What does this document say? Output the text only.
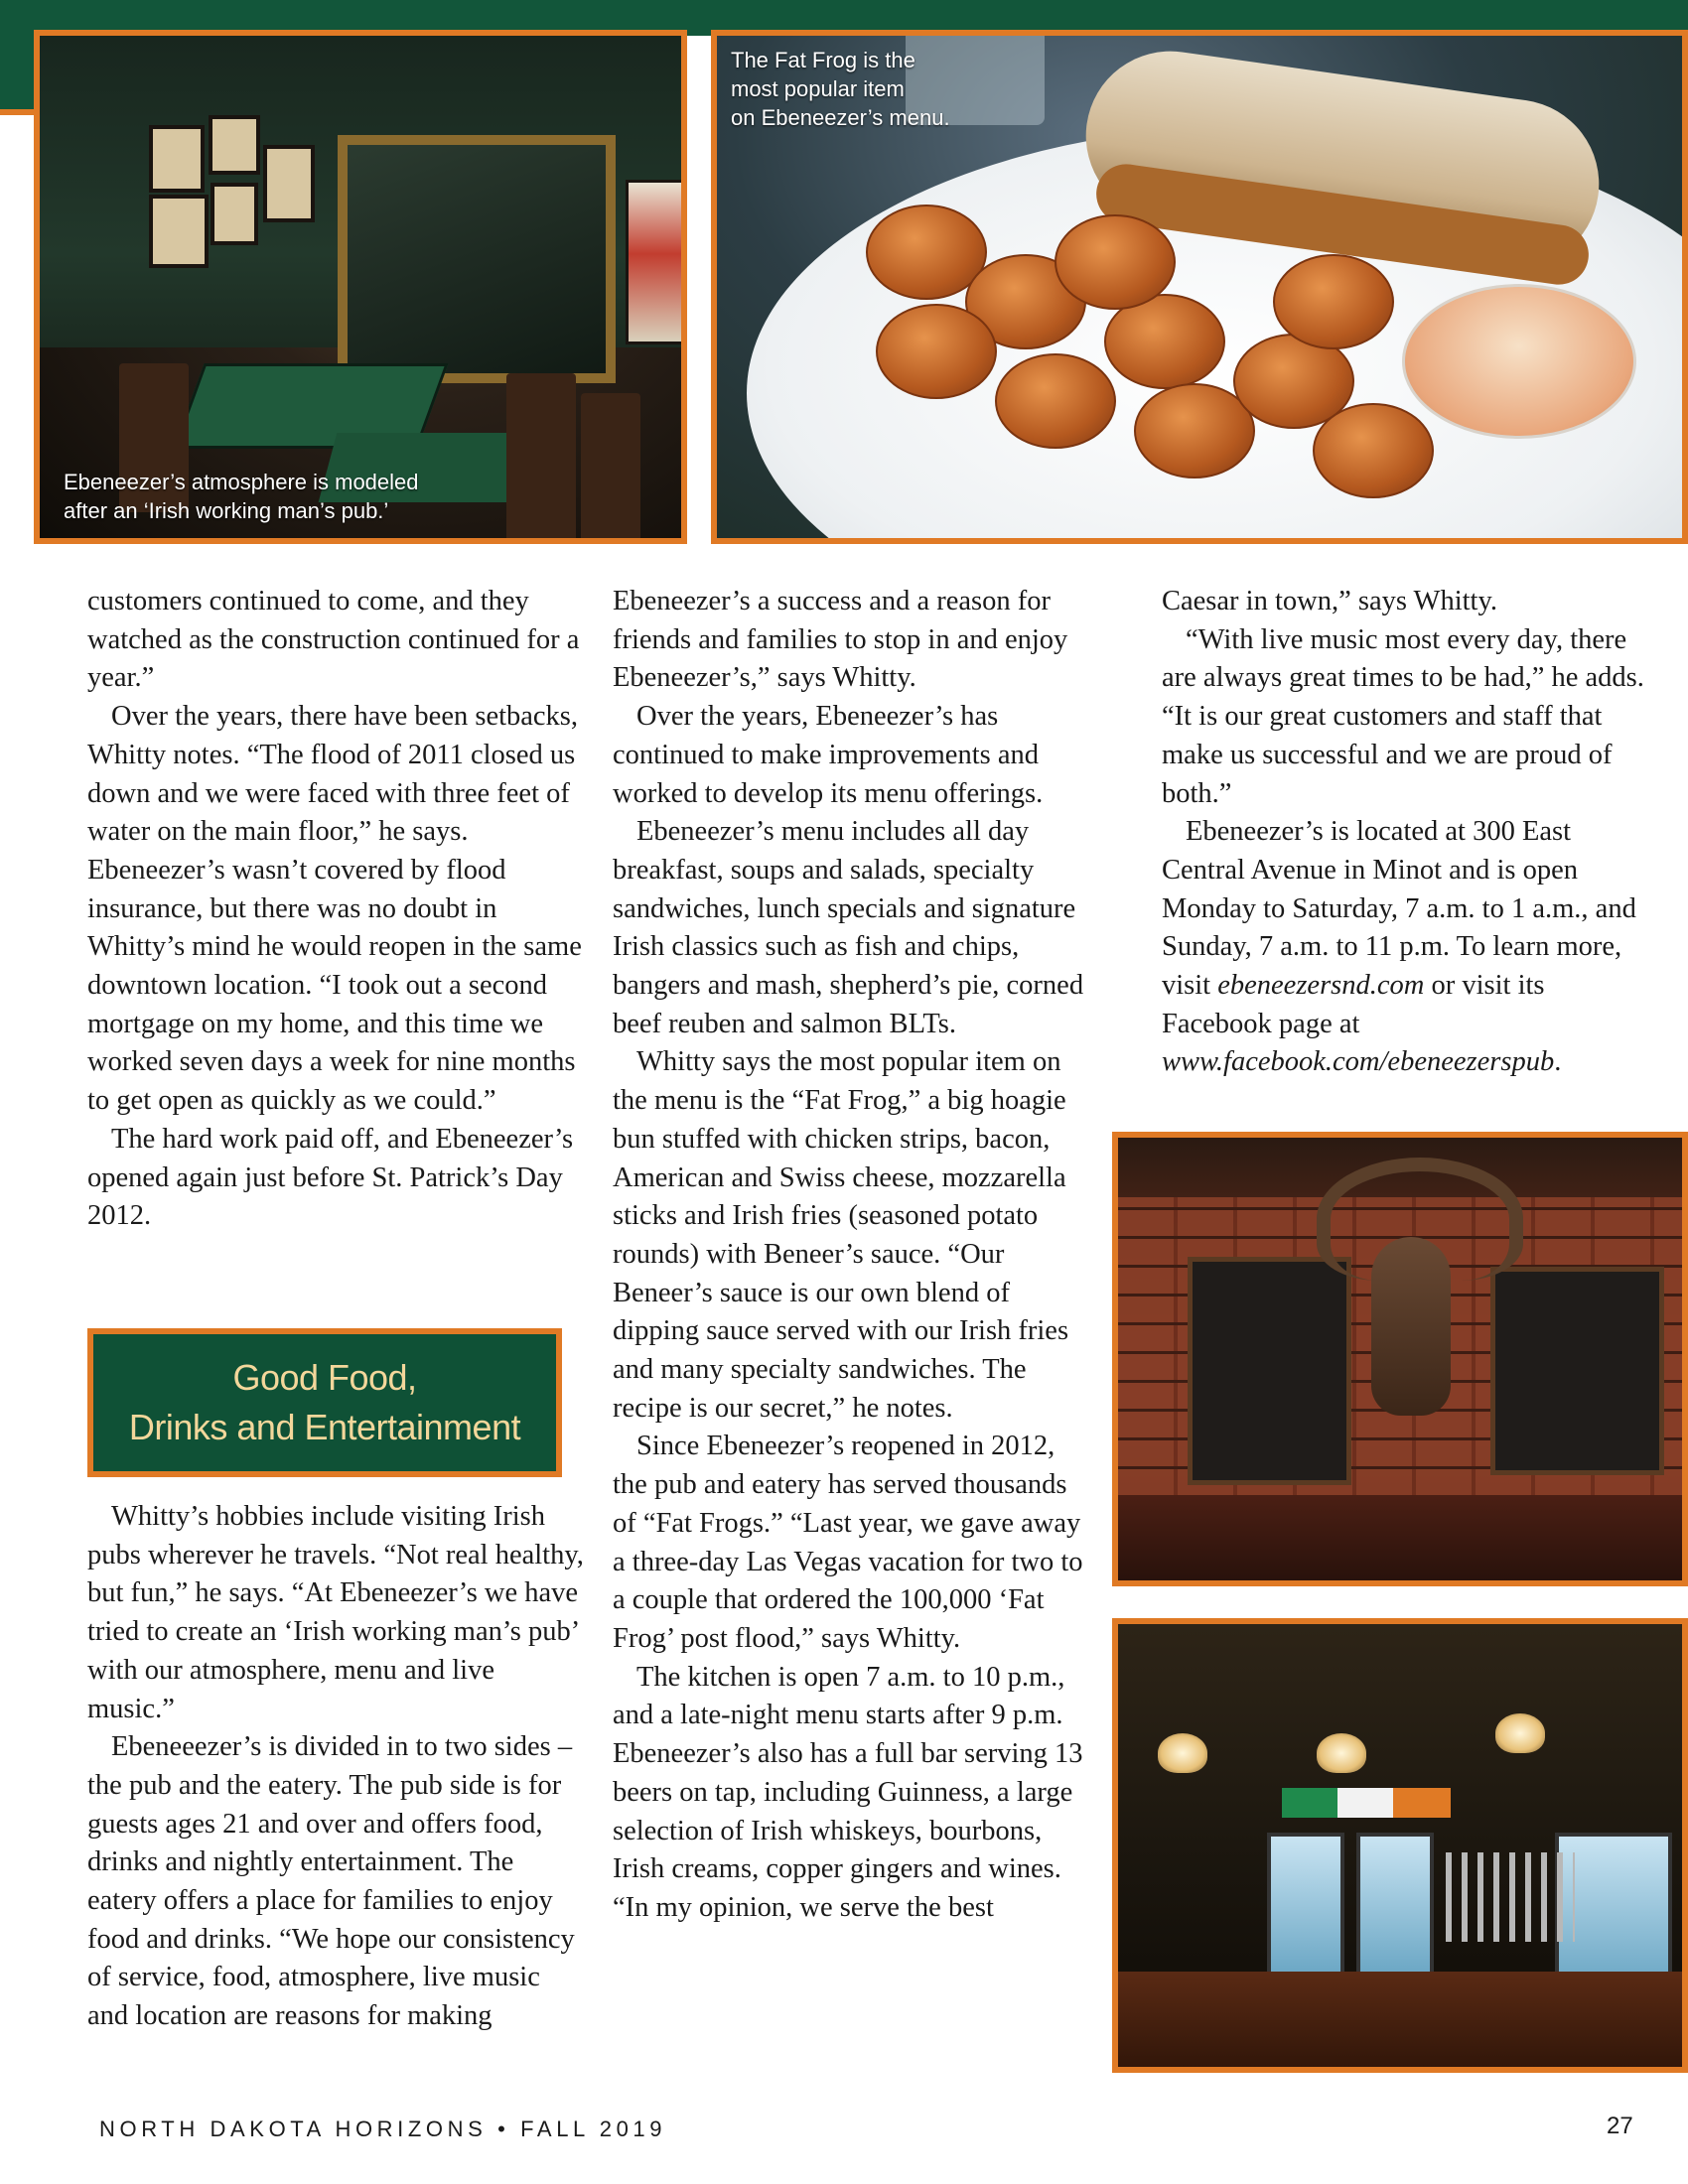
Ebeneezer’s atmosphere is modeled
after an ‘Irish working man’s pub.’
The Fat Frog is the
most popular item
on Ebeneezer’s menu.

customers continued to come, and they watched as the construction continued for a year.”

Over the years, there have been setbacks, Whitty notes. “The flood of 2011 closed us down and we were faced with three feet of water on the main floor,” he says. Ebeneezer’s wasn’t covered by flood insurance, but there was no doubt in Whitty’s mind he would reopen in the same downtown location. “I took out a second mortgage on my home, and this time we worked seven days a week for nine months to get open as quickly as we could.”

The hard work paid off, and Ebeneezer’s opened again just before St. Patrick’s Day 2012.

Good Food,
Drinks and Entertainment

Whitty’s hobbies include visiting Irish pubs wherever he travels. “Not real healthy, but fun,” he says. “At Ebeneezer’s we have tried to create an ‘Irish working man’s pub’ with our atmosphere, menu and live music.”

Ebeneeezer’s is divided in to two sides – the pub and the eatery. The pub side is for guests ages 21 and over and offers food, drinks and nightly entertainment. The eatery offers a place for families to enjoy food and drinks. “We hope our consistency of service, food, atmosphere, live music and location are reasons for making

Ebeneezer’s a success and a reason for friends and families to stop in and enjoy Ebeneezer’s,” says Whitty.

Over the years, Ebeneezer’s has continued to make improvements and worked to develop its menu offerings.

Ebeneezer’s menu includes all day breakfast, soups and salads, specialty sandwiches, lunch specials and signature Irish classics such as fish and chips, bangers and mash, shepherd’s pie, corned beef reuben and salmon BLTs.

Whitty says the most popular item on the menu is the “Fat Frog,” a big hoagie bun stuffed with chicken strips, bacon, American and Swiss cheese, mozzarella sticks and Irish fries (seasoned potato rounds) with Beneer’s sauce. “Our Beneer’s sauce is our own blend of dipping sauce served with our Irish fries and many specialty sandwiches. The recipe is our secret,” he notes.

Since Ebeneezer’s reopened in 2012, the pub and eatery has served thousands of “Fat Frogs.” “Last year, we gave away a three-day Las Vegas vacation for two to a couple that ordered the 100,000 ‘Fat Frog’ post flood,” says Whitty.

The kitchen is open 7 a.m. to 10 p.m., and a late-night menu starts after 9 p.m. Ebeneezer’s also has a full bar serving 13 beers on tap, including Guinness, a large selection of Irish whiskeys, bourbons, Irish creams, copper gingers and wines. “In my opinion, we serve the best

Caesar in town,” says Whitty.

“With live music most every day, there are always great times to be had,” he adds. “It is our great customers and staff that make us successful and we are proud of both.”

Ebeneezer’s is located at 300 East Central Avenue in Minot and is open Monday to Saturday, 7 a.m. to 1 a.m., and Sunday, 7 a.m. to 11 p.m. To learn more, visit ebeneezersnd.com or visit its Facebook page at www.facebook.com/ebeneezerspub.

NORTH DAKOTA HORIZONS • FALL 2019	27
